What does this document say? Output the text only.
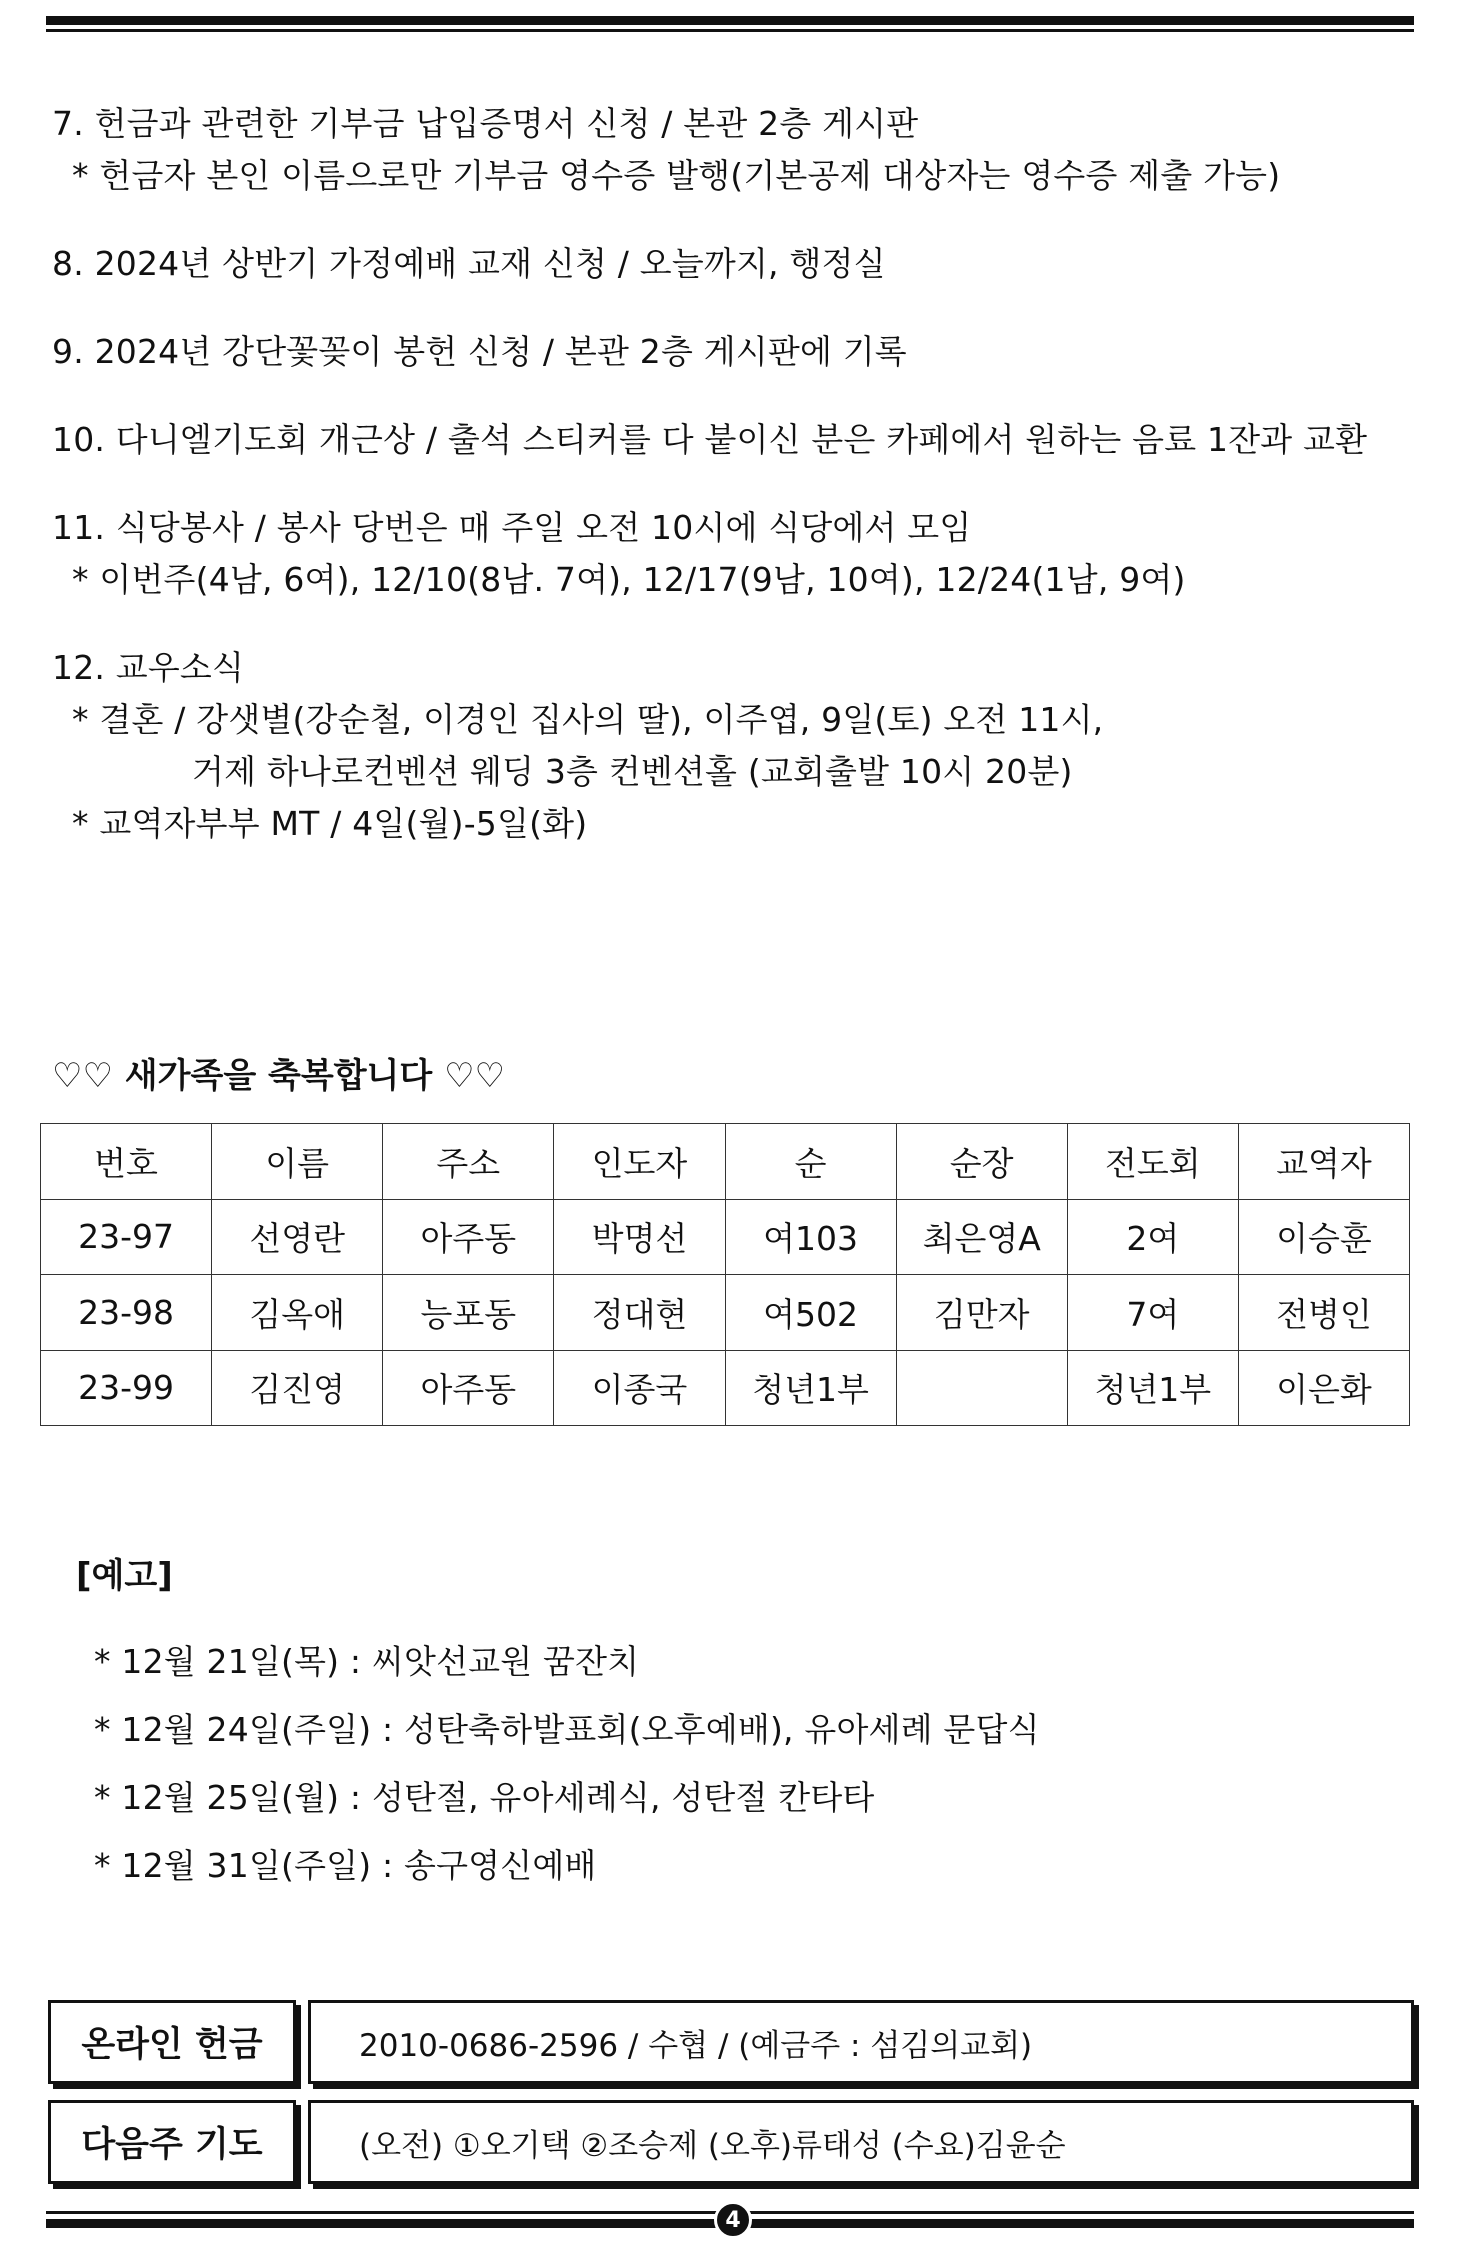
7. 헌금과 관련한 기부금 납입증명서 신청 / 본관 2층 게시판
* 헌금자 본인 이름으로만 기부금 영수증 발행(기본공제 대상자는 영수증 제출 가능)
8. 2024년 상반기 가정예배 교재 신청 / 오늘까지, 행정실
9. 2024년 강단꽃꽂이 봉헌 신청 / 본관 2층 게시판에 기록
10. 다니엘기도회 개근상 / 출석 스티커를 다 붙이신 분은 카페에서 원하는 음료 1잔과 교환
11. 식당봉사 / 봉사 당번은 매 주일 오전 10시에 식당에서 모임
* 이번주(4남, 6여), 12/10(8남. 7여), 12/17(9남, 10여), 12/24(1남, 9여)
12. 교우소식
* 결혼 / 강샛별(강순철, 이경인 집사의 딸), 이주엽, 9일(토) 오전 11시,
거제 하나로컨벤션 웨딩 3층 컨벤션홀 (교회출발 10시 20분)
* 교역자부부 MT / 4일(월)-5일(화)
♡♡ 새가족을 축복합니다 ♡♡
번호	이름	주소	인도자	순	순장	전도회	교역자
23-97	선영란	아주동	박명선	여103	최은영A	2여	이승훈
23-98	김옥애	능포동	정대현	여502	김만자	7여	전병인
23-99	김진영	아주동	이종국	청년1부		청년1부	이은화
[예고]
* 12월 21일(목) : 씨앗선교원 꿈잔치
* 12월 24일(주일) : 성탄축하발표회(오후예배), 유아세례 문답식
* 12월 25일(월) : 성탄절, 유아세례식, 성탄절 칸타타
* 12월 31일(주일) : 송구영신예배
온라인 헌금	2010-0686-2596 / 수협 / (예금주 : 섬김의교회)
다음주 기도	(오전) ①오기택 ②조승제 (오후)류태성 (수요)김윤순
4
